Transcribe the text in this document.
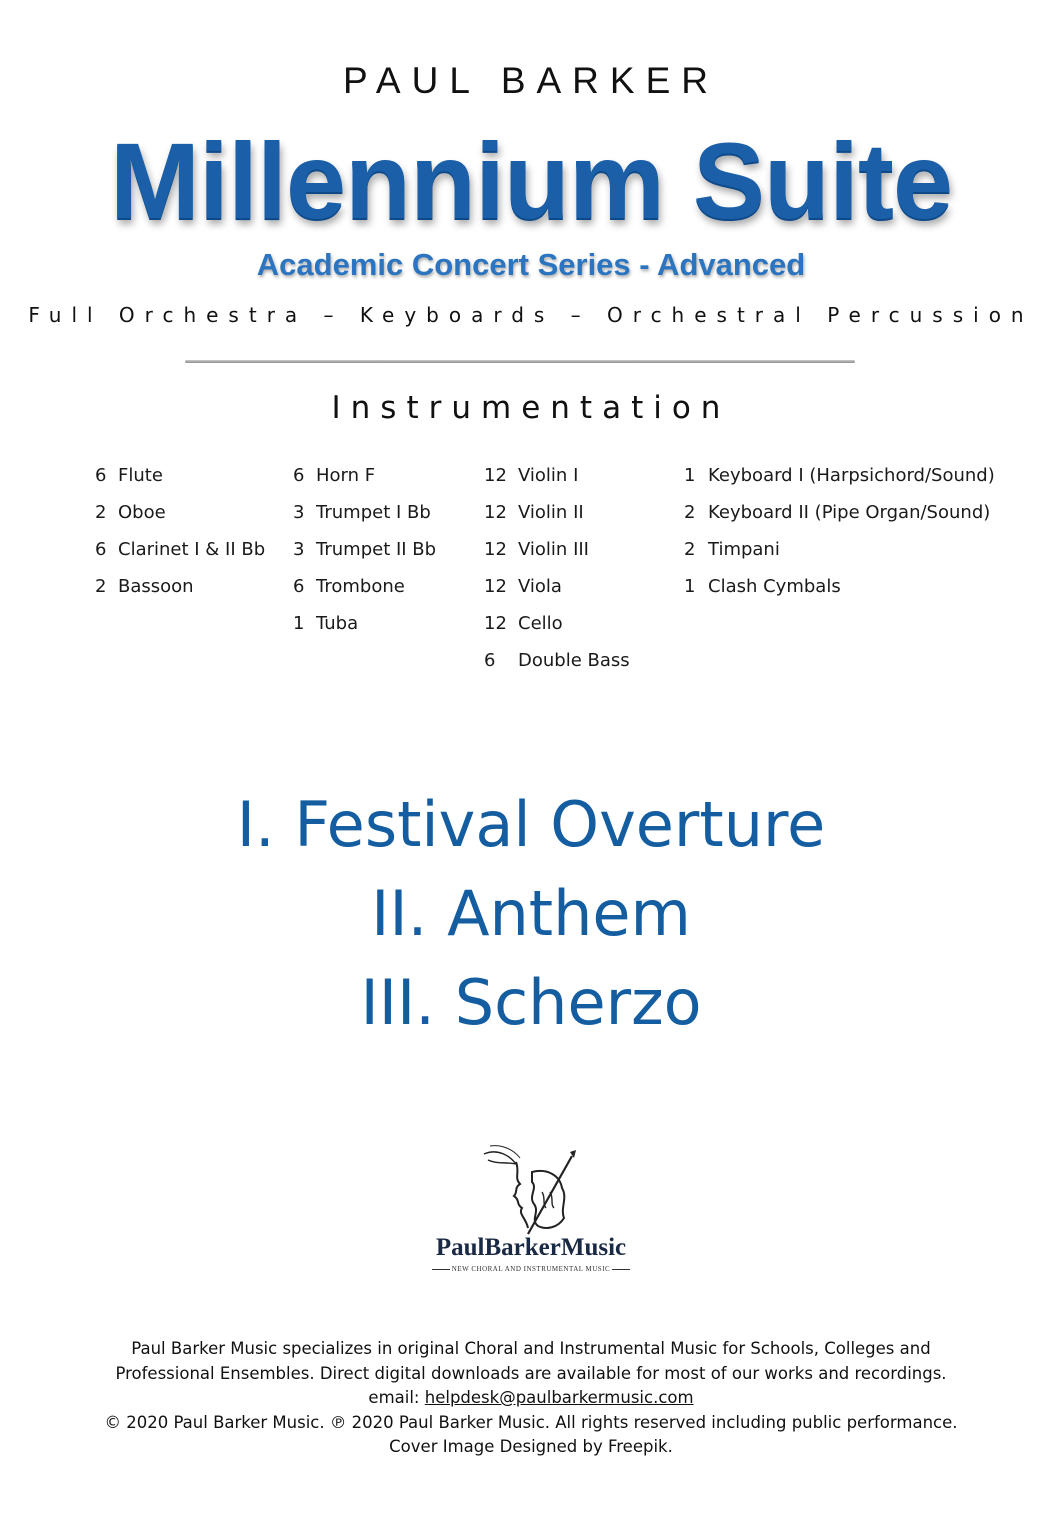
PAUL BARKER
Millennium Suite
Academic Concert Series - Advanced
Full Orchestra – Keyboards – Orchestral Percussion
Instrumentation
6 Flute
2 Oboe
6 Clarinet I & II Bb
2 Bassoon
6 Horn F
3 Trumpet I Bb
3 Trumpet II Bb
6 Trombone
1 Tuba
12 Violin I
12 Violin II
12 Violin III
12 Viola
12 Cello
6 Double Bass
1 Keyboard I (Harpsichord/Sound)
2 Keyboard II (Pipe Organ/Sound)
2 Timpani
1 Clash Cymbals
I. Festival Overture
II. Anthem
III. Scherzo
PaulBarkerMusic
NEW CHORAL AND INSTRUMENTAL MUSIC
Paul Barker Music specializes in original Choral and Instrumental Music for Schools, Colleges and
Professional Ensembles. Direct digital downloads are available for most of our works and recordings.
email: helpdesk@paulbarkermusic.com
© 2020 Paul Barker Music. ℗ 2020 Paul Barker Music. All rights reserved including public performance.
Cover Image Designed by Freepik.
